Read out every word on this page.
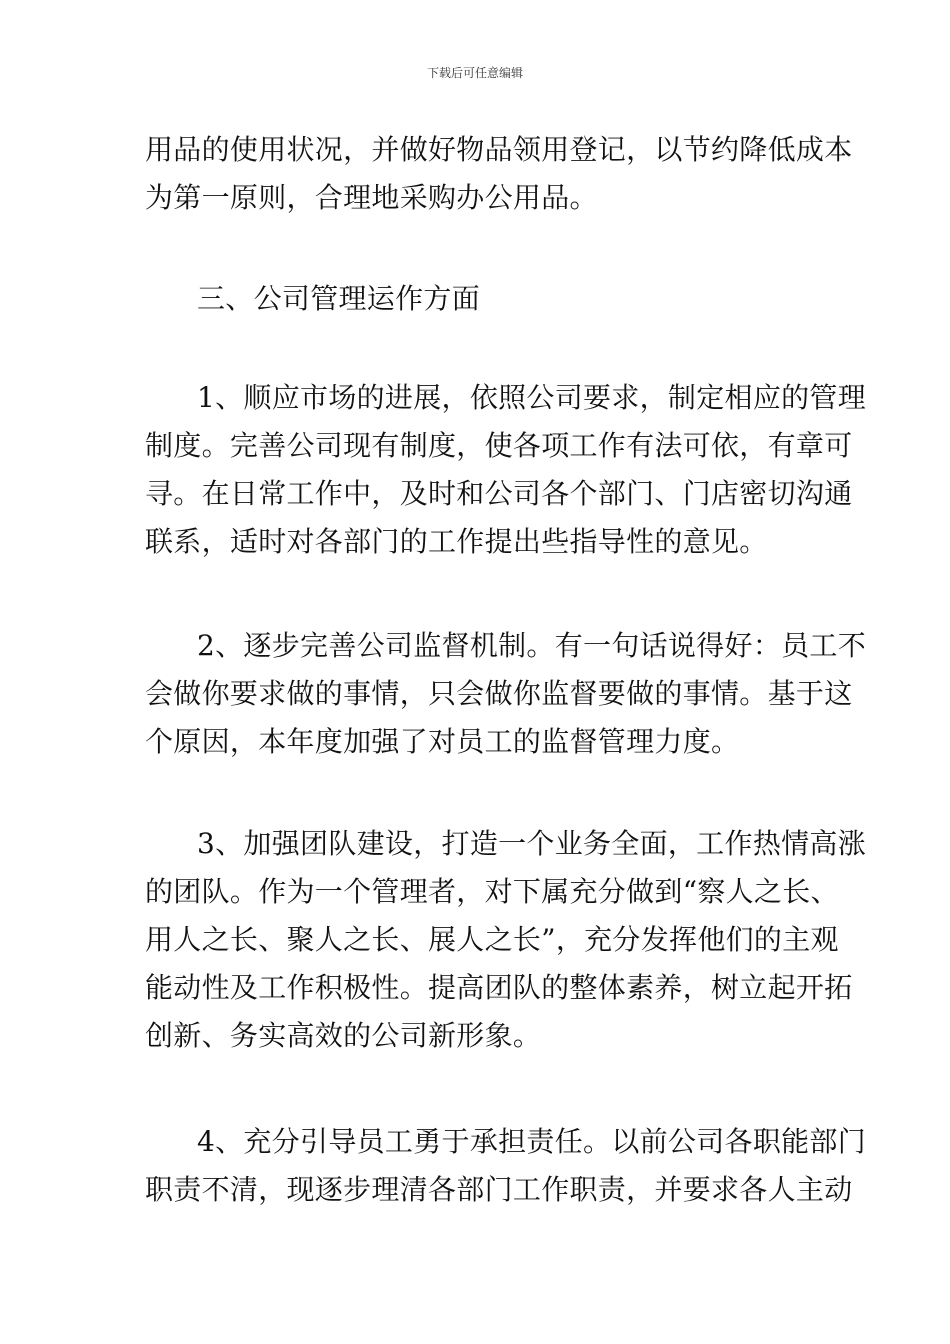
下载后可任意编辑
用品的使用状况，并做好物品领用登记，以节约降低成本
为第一原则，合理地采购办公用品。
三、公司管理运作方面
1、顺应市场的进展，依照公司要求，制定相应的管理
制度。完善公司现有制度，使各项工作有法可依，有章可
寻。在日常工作中，及时和公司各个部门、门店密切沟通
联系，适时对各部门的工作提出些指导性的意见。
2、逐步完善公司监督机制。有一句话说得好：员工不
会做你要求做的事情，只会做你监督要做的事情。基于这
个原因，本年度加强了对员工的监督管理力度。
3、加强团队建设，打造一个业务全面，工作热情高涨
的团队。作为一个管理者，对下属充分做到“察人之长、
用人之长、聚人之长、展人之长”，充分发挥他们的主观
能动性及工作积极性。提高团队的整体素养，树立起开拓
创新、务实高效的公司新形象。
4、充分引导员工勇于承担责任。以前公司各职能部门
职责不清，现逐步理清各部门工作职责，并要求各人主动
